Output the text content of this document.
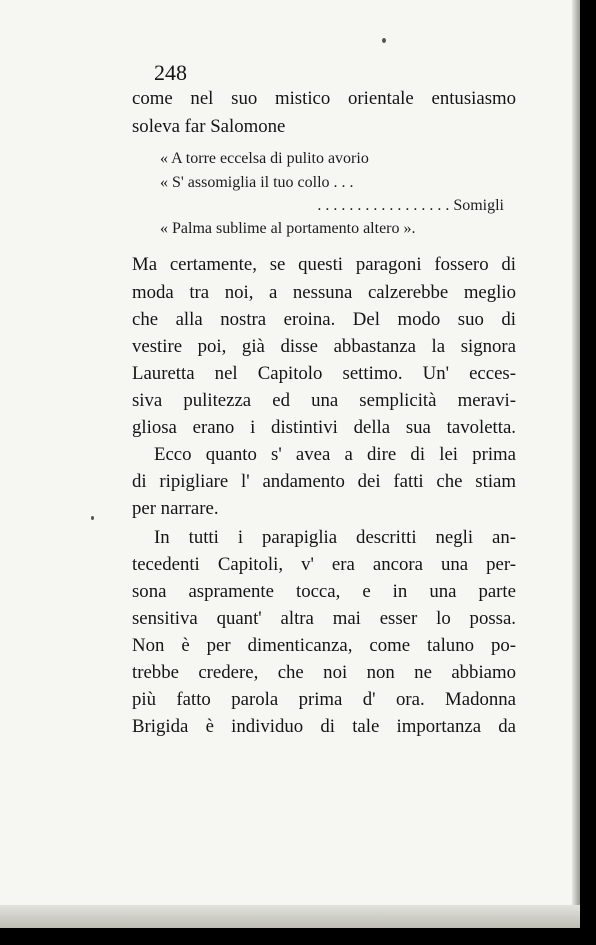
248
come nel suo mistico orientale entusiasmo
soleva far Salomone
« A torre eccelsa di pulito avorio
« S' assomiglia il tuo collo . . .
. . . . . . . . . . . . . . . . . Somigli
« Palma sublime al portamento altero ».
Ma certamente, se questi paragoni fossero di
moda tra noi, a nessuna calzerebbe meglio
che alla nostra eroina. Del modo suo di
vestire poi, già disse abbastanza la signora
Lauretta nel Capitolo settimo. Un' ecces-
siva pulitezza ed una semplicità meravi-
gliosa erano i distintivi della sua tavoletta.
Ecco quanto s' avea a dire di lei prima
di ripigliare l' andamento dei fatti che stiam
per narrare.
In tutti i parapiglia descritti negli an-
tecedenti Capitoli, v' era ancora una per-
sona aspramente tocca, e in una parte
sensitiva quant' altra mai esser lo possa.
Non è per dimenticanza, come taluno po-
trebbe credere, che noi non ne abbiamo
più fatto parola prima d' ora. Madonna
Brigida è individuo di tale importanza da
